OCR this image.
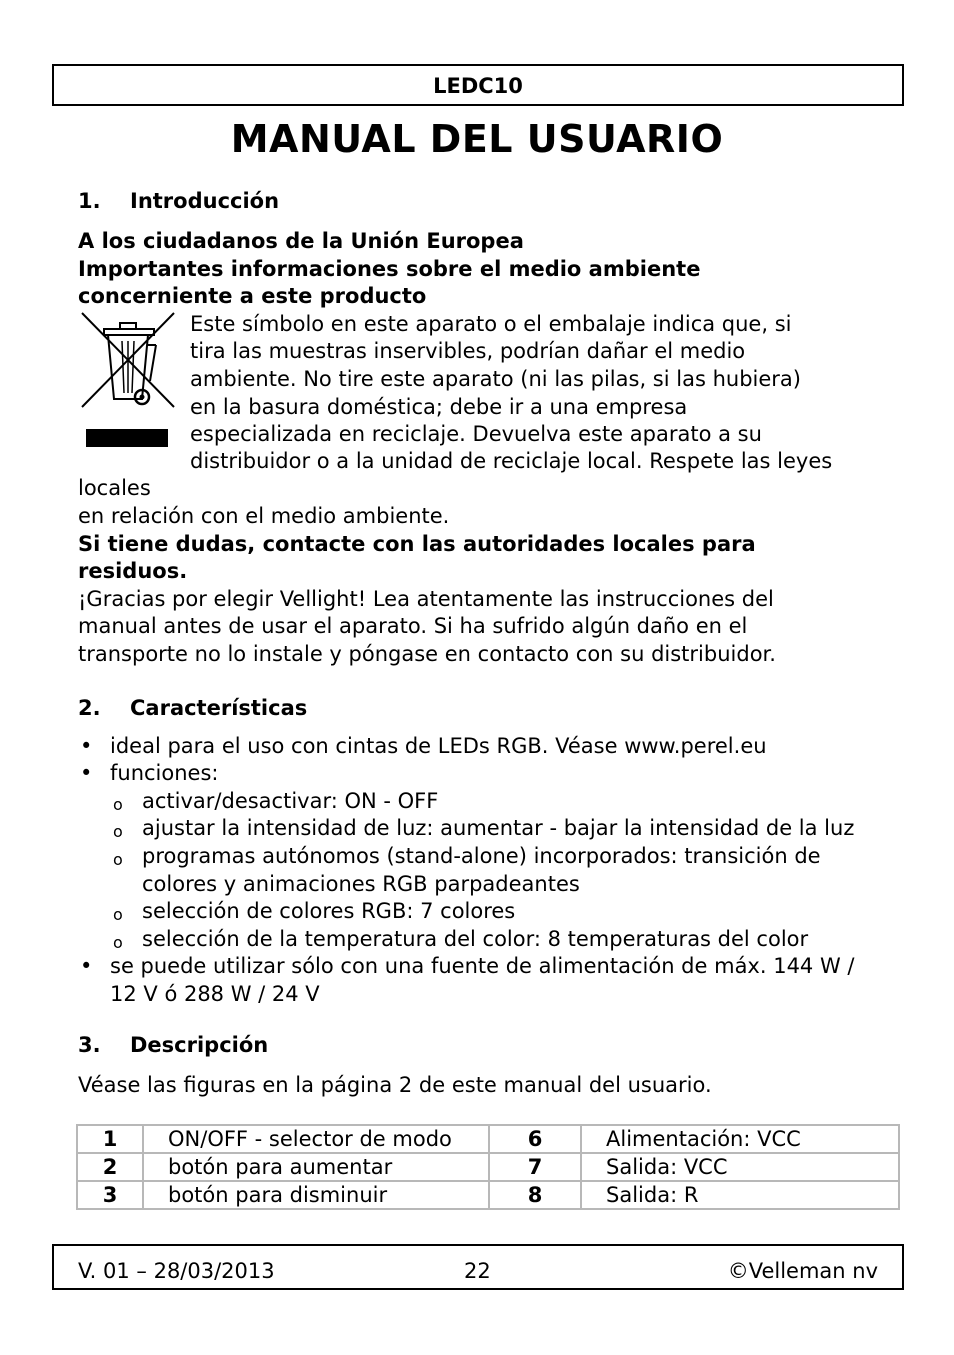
LEDC10
MANUAL DEL USUARIO
1. Introducción

A los ciudadanos de la Unión Europea

Importantes informaciones sobre el medio ambiente

concerniente a este producto

Este símbolo en este aparato o el embalaje indica que, si

tira las muestras inservibles, podrían dañar el medio

ambiente. No tire este aparato (ni las pilas, si las hubiera)

en la basura doméstica; debe ir a una empresa

especializada en reciclaje. Devuelva este aparato a su

distribuidor o a la unidad de reciclaje local. Respete las leyes locales

en relación con el medio ambiente.

Si tiene dudas, contacte con las autoridades locales para

residuos.

¡Gracias por elegir Vellight! Lea atentamente las instrucciones del

manual antes de usar el aparato. Si ha sufrido algún daño en el

transporte no lo instale y póngase en contacto con su distribuidor.

2. Características
• ideal para el uso con cintas de LEDs RGB. Véase www.perel.eu
• funciones:
o activar/desactivar: ON - OFF
o ajustar la intensidad de luz: aumentar - bajar la intensidad de la luz
o programas autónomos (stand-alone) incorporados: transición de colores y animaciones RGB parpadeantes
o selección de colores RGB: 7 colores
o selección de la temperatura del color: 8 temperaturas del color
• se puede utilizar sólo con una fuente de alimentación de máx. 144 W / 12 V ó 288 W / 24 V
3. Descripción

Véase las figuras en la página 2 de este manual del usuario.

1	ON/OFF - selector de modo	6	Alimentación: VCC
2	botón para aumentar	7	Salida: VCC
3	botón para disminuir	8	Salida: R
V. 01 – 28/03/2013	22	©Velleman nv
